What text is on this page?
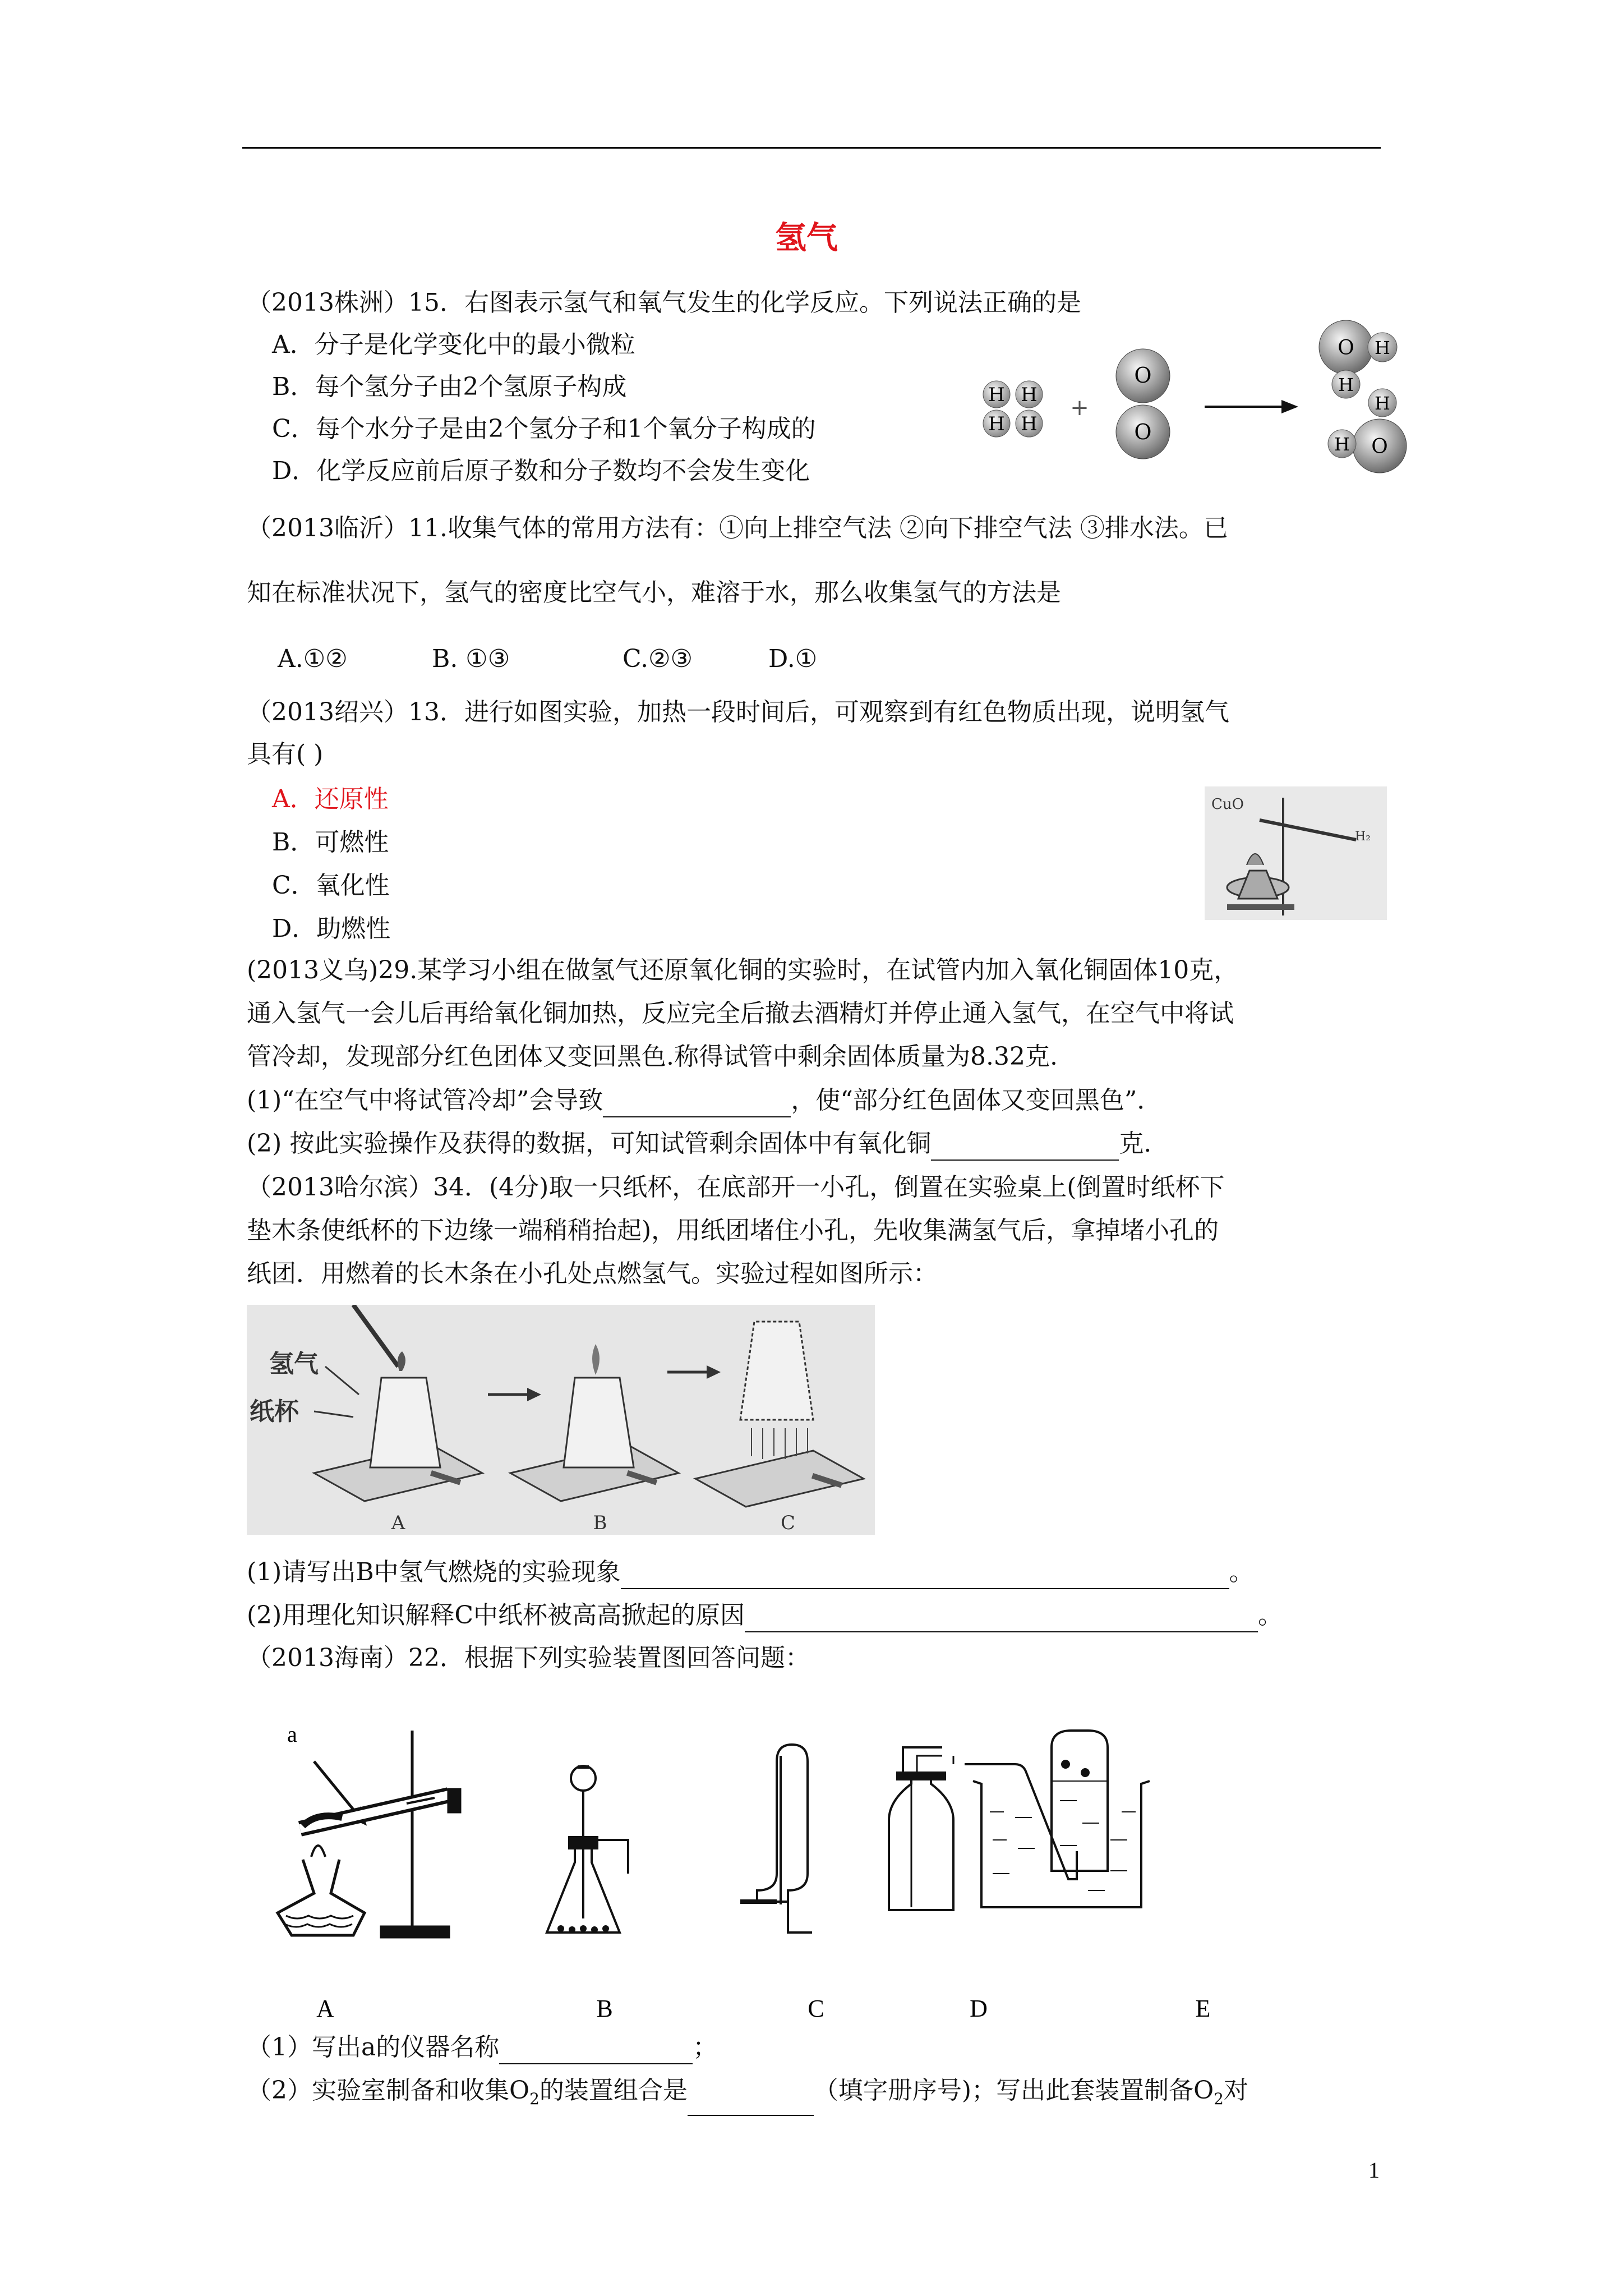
氢气
（2013株洲）15．右图表示氢气和氧气发生的化学反应。下列说法正确的是
A．分子是化学变化中的最小微粒
B．每个氢分子由2个氢原子构成
C．每个水分子是由2个氢分子和1个氧分子构成的
D．化学反应前后原子数和分子数均不会发生变化
H H
H H
+
O
O
O H
H
H
O
H
（2013临沂）11.收集气体的常用方法有：①向上排空气法 ②向下排空气法 ③排水法。已
知在标准状况下，氢气的密度比空气小，难溶于水，那么收集氢气的方法是
A.①②	B. ①③	C.②③	D.①
（2013绍兴）13．进行如图实验，加热一段时间后，可观察到有红色物质出现，说明氢气
具有( )
A．还原性
B．可燃性
C．氧化性
D．助燃性
CuO
H₂
(2013义乌)29.某学习小组在做氢气还原氧化铜的实验时，在试管内加入氧化铜固体10克，
通入氢气一会儿后再给氧化铜加热，反应完全后撤去酒精灯并停止通入氢气，在空气中将试
管冷却，发现部分红色团体又变回黑色.称得试管中剩余固体质量为8.32克.
(1)“在空气中将试管冷却”会导致	，使“部分红色固体又变回黑色”．
(2) 按此实验操作及获得的数据，可知试管剩余固体中有氧化铜	克.
（2013哈尔滨）34．(4分)取一只纸杯，在底部开一小孔，倒置在实验桌上(倒置时纸杯下
垫木条使纸杯的下边缘一端稍稍抬起)，用纸团堵住小孔，先收集满氢气后，拿掉堵小孔的
纸团．用燃着的长木条在小孔处点燃氢气。实验过程如图所示：
氢气
纸杯
A	B	C
(1)请写出B中氢气燃烧的实验现象	。
(2)用理化知识解释C中纸杯被高高掀起的原因	。
（2013海南）22．根据下列实验装置图回答问题：
a
A	B	C	D	E
（1）写出a的仪器名称	；
（2）实验室制备和收集$O_2$的装置组合是	（填字册序号)；写出此套装置制备$O_2$对
1
